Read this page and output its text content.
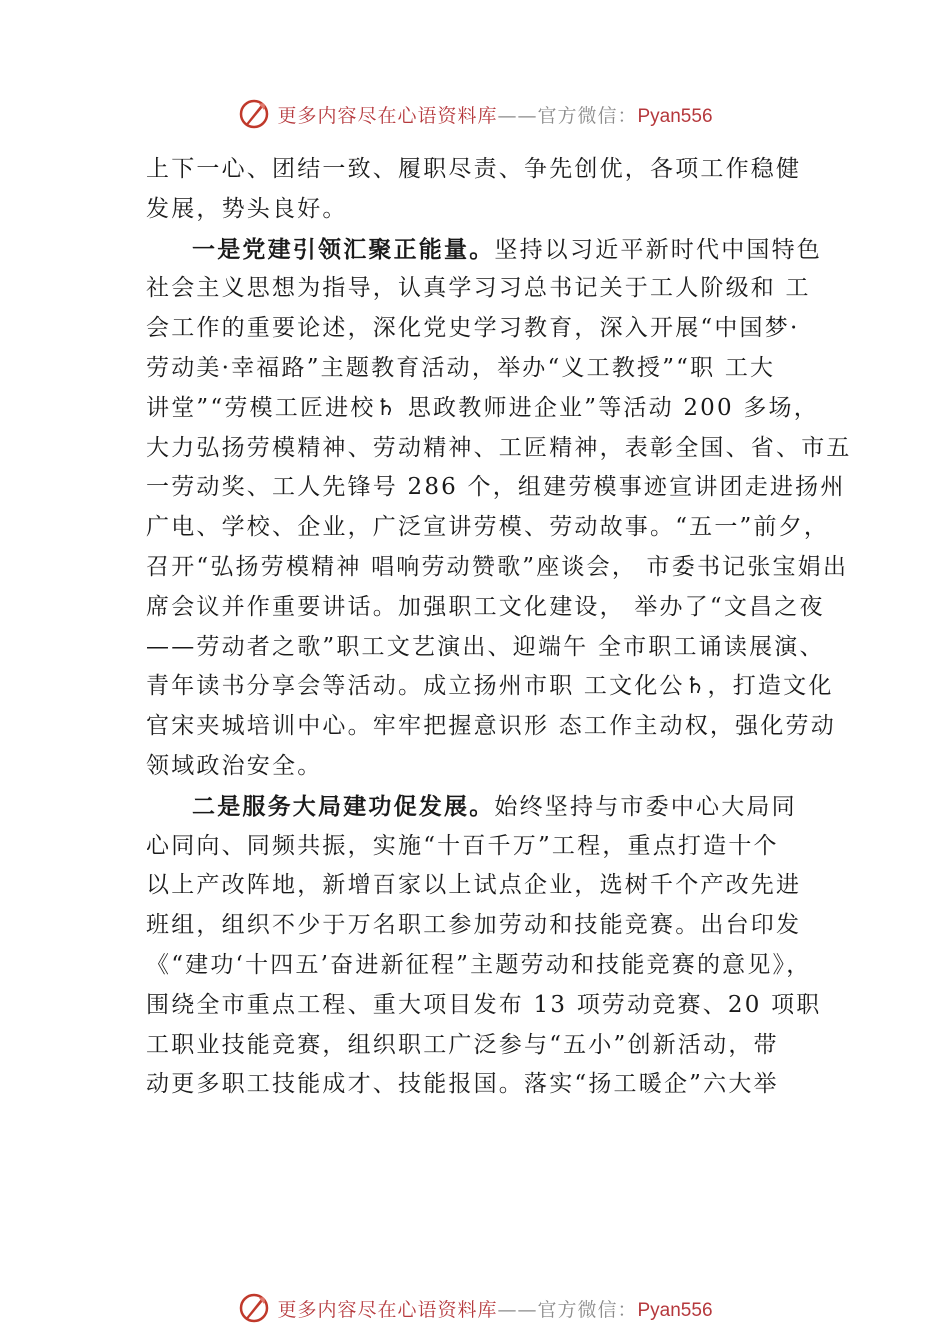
更多内容尽在心语资料库——官方微信：Pyan556
上下一心、团结一致、履职尽责、争先创优，各项工作稳健
发展，势头良好。
一是党建引领汇聚正能量。坚持以习近平新时代中国特色
社会主义思想为指导，认真学习习总书记关于工人阶级和 工
会工作的重要论述，深化党史学习教育，深入开展“中国梦·
劳动美·幸福路”主题教育活动，举办“义工教授”“职 工大
讲堂”“劳模工匠进校♄ 思政教师进企业”等活动 200 多场，
大力弘扬劳模精神、劳动精神、工匠精神，表彰全国、省、市五
一劳动奖、工人先锋号 286 个，组建劳模事迹宣讲团走进扬州
广电、学校、企业，广泛宣讲劳模、劳动故事。“五一”前夕，
召开“弘扬劳模精神 唱响劳动赞歌”座谈会， 市委书记张宝娟出
席会议并作重要讲话。加强职工文化建设， 举办了“文昌之夜
——劳动者之歌”职工文艺演出、迎端午 全市职工诵读展演、
青年读书分享会等活动。成立扬州市职 工文化公♄，打造文化
官宋夹城培训中心。牢牢把握意识形 态工作主动权，强化劳动
领域政治安全。
二是服务大局建功促发展。始终坚持与市委中心大局同
心同向、同频共振，实施“十百千万”工程，重点打造十个
以上产改阵地，新增百家以上试点企业，选树千个产改先进
班组，组织不少于万名职工参加劳动和技能竞赛。出台印发
《“建功‘十四五’奋进新征程”主题劳动和技能竞赛的意见》，
围绕全市重点工程、重大项目发布 13 项劳动竞赛、20 项职
工职业技能竞赛，组织职工广泛参与“五小”创新活动，带
动更多职工技能成才、技能报国。落实“扬工暖企”六大举
更多内容尽在心语资料库——官方微信：Pyan556
